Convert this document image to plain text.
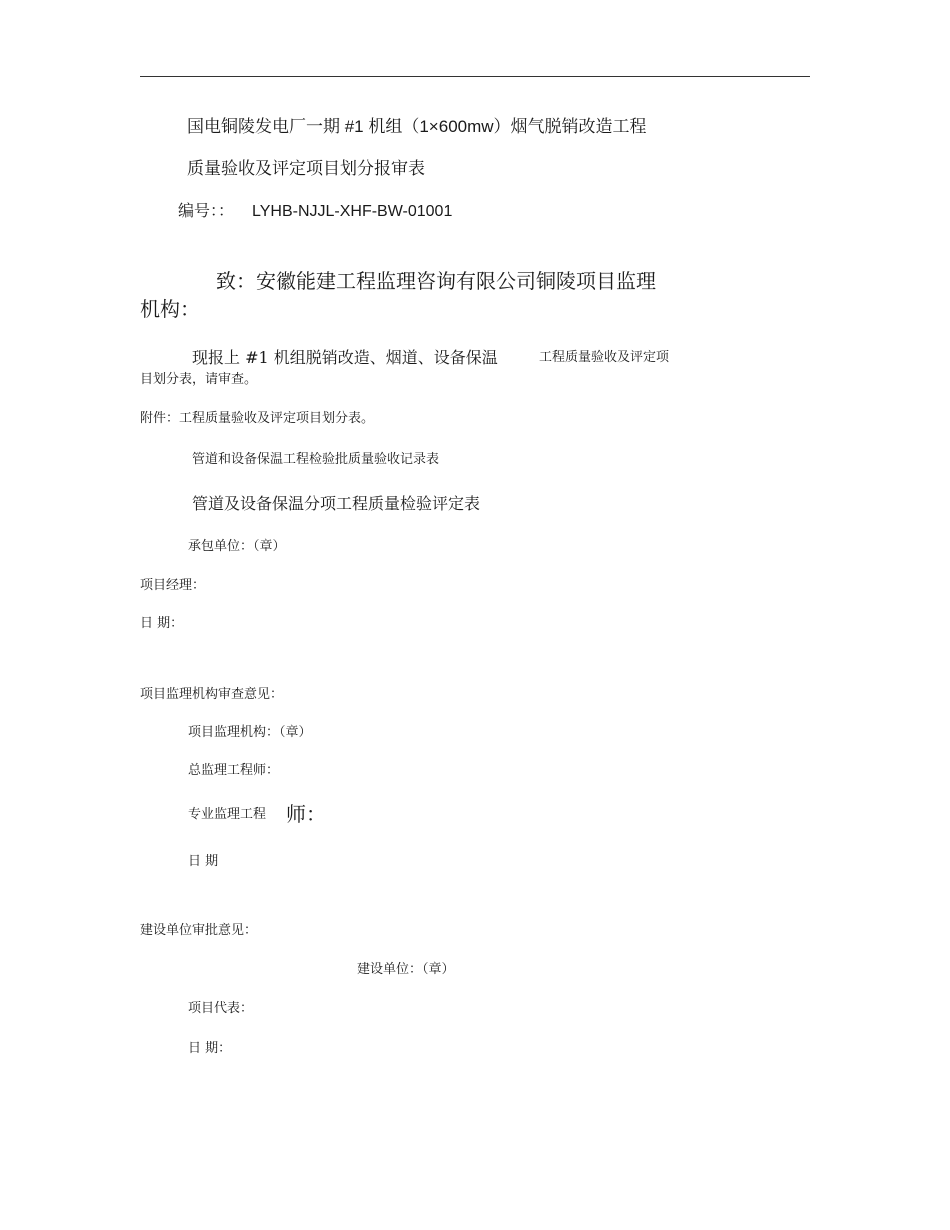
国电铜陵发电厂一期 #1 机组（1×600mw）烟气脱销改造工程
质量验收及评定项目划分报审表
编号：： LYHB-NJJL-XHF-BW-01001
致：安徽能建工程监理咨询有限公司铜陵项目监理
机构：
现报上 #1 机组脱销改造、烟道、设备保温	工程质量验收及评定项
目划分表，请审查。
附件：工程质量验收及评定项目划分表。
管道和设备保温工程检验批质量验收记录表
管道及设备保温分项工程质量检验评定表
承包单位：（章）
项目经理：
日 期：
项目监理机构审查意见：
项目监理机构：（章）
总监理工程师：
专业监理工程 师：
日 期
建设单位审批意见：
建设单位：（章）
项目代表：
日 期：
